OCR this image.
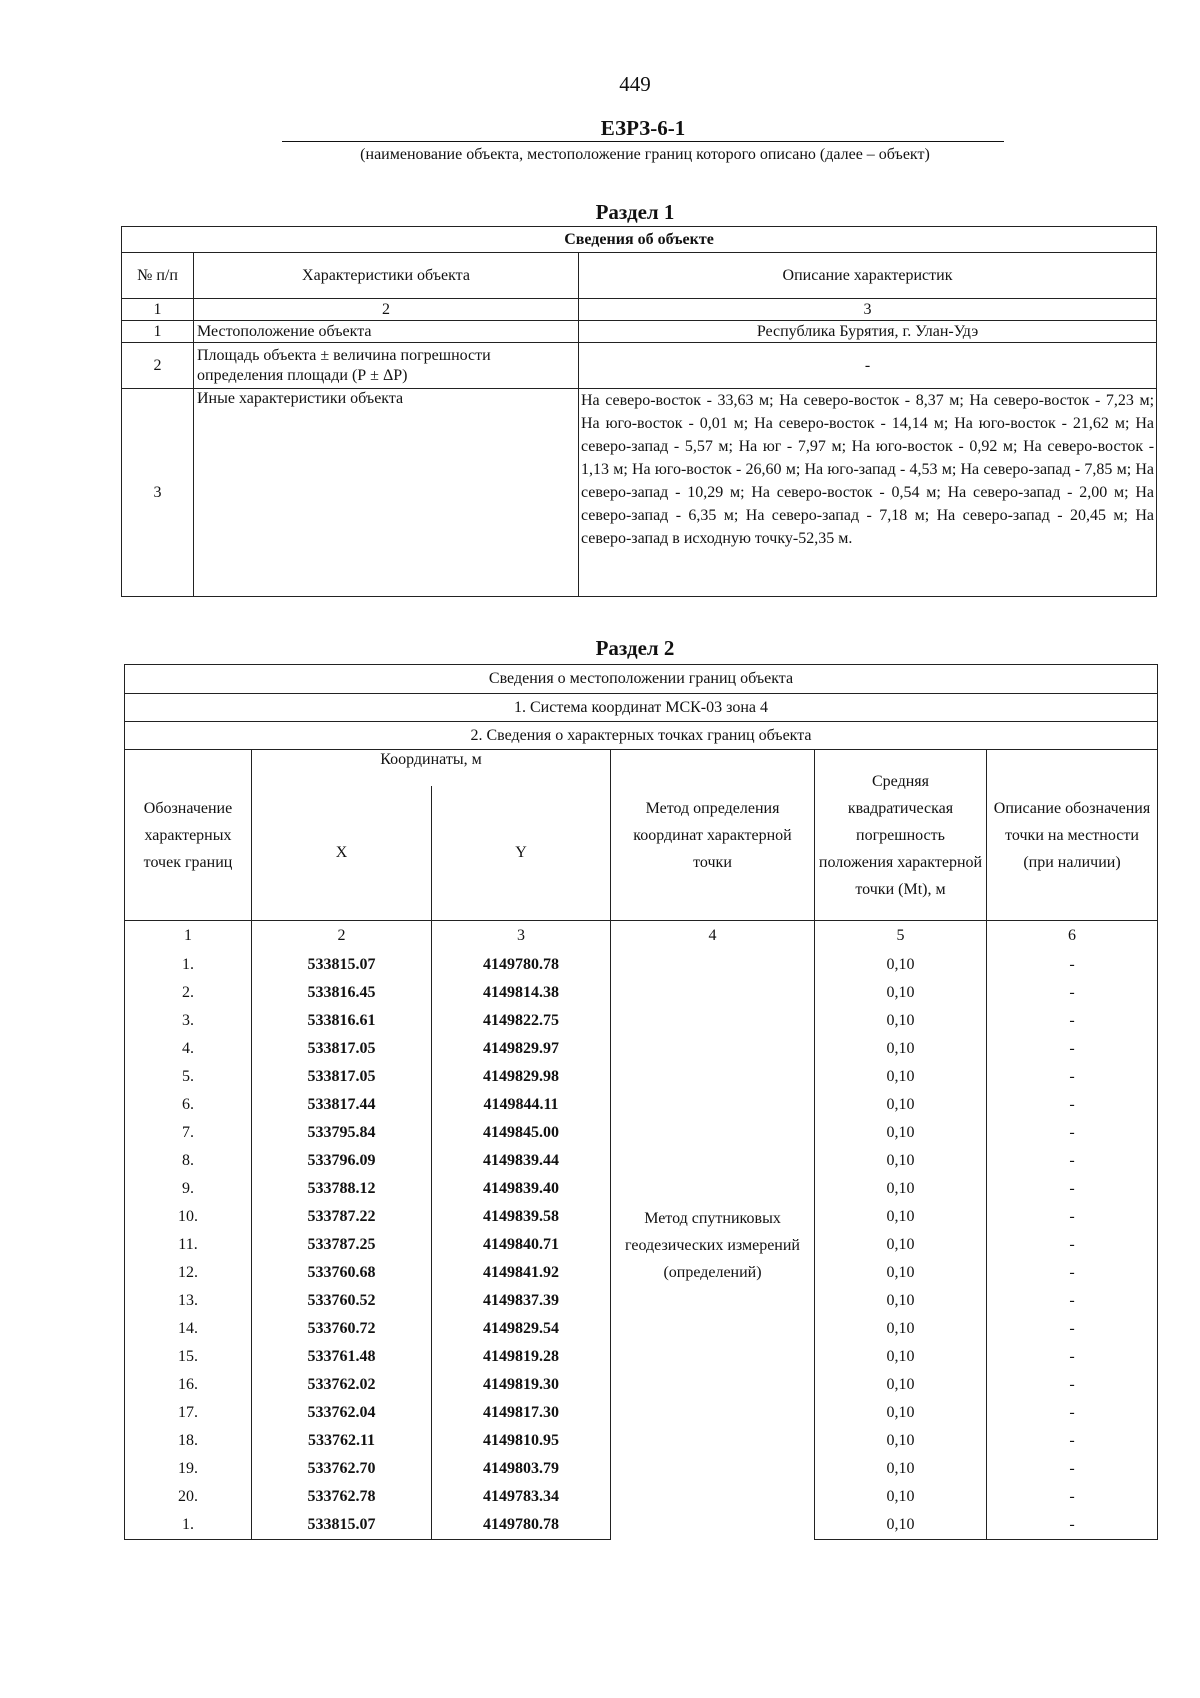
449
ЕЗРЗ-6-1
(наименование объекта, местоположение границ которого описано (далее – объект)
Раздел 1
Сведения об объекте		
№ п/п	Характеристики объекта	Описание характеристик
1	2	3
1	Местоположение объекта	Республика Бурятия, г. Улан-Удэ
2	Площадь объекта ± величина погрешности определения площади (Р ± ΔР)	-
3	Иные характеристики объекта	На северо-восток - 33,63 м; На северо-восток - 8,37 м; На северо-восток - 7,23 м; На юго-восток - 0,01 м; На северо-восток - 14,14 м; На юго-восток - 21,62 м; На северо-запад - 5,57 м; На юг - 7,97 м; На юго-восток - 0,92 м; На северо-восток - 1,13 м; На юго-восток - 26,60 м; На юго-запад - 4,53 м; На северо-запад - 7,85 м; На северо-запад - 10,29 м; На северо-восток - 0,54 м; На северо-запад - 2,00 м; На северо-запад - 6,35 м; На северо-запад - 7,18 м; На северо-запад - 20,45 м; На северо-запад в исходную точку-52,35 м.
Раздел 2
Сведения о местоположении границ объекта					
1. Система координат МСК-03 зона 4					
2. Сведения о характерных точках границ объекта					
Обозначение характерных точек границ	Координаты, м		Метод определения координат характерной точки	Средняя квадратическая погрешность положения характерной точки (Mt), м	Описание обозначения точки на местности (при наличии)
	X	Y			
1	2	3	4	5	6
1.	533815.07	4149780.78	Метод спутниковых геодезических измерений (определений)	0,10	-
2.	533816.45	4149814.38		0,10	-
3.	533816.61	4149822.75		0,10	-
4.	533817.05	4149829.97		0,10	-
5.	533817.05	4149829.98		0,10	-
6.	533817.44	4149844.11		0,10	-
7.	533795.84	4149845.00		0,10	-
8.	533796.09	4149839.44		0,10	-
9.	533788.12	4149839.40		0,10	-
10.	533787.22	4149839.58		0,10	-
11.	533787.25	4149840.71		0,10	-
12.	533760.68	4149841.92		0,10	-
13.	533760.52	4149837.39		0,10	-
14.	533760.72	4149829.54		0,10	-
15.	533761.48	4149819.28		0,10	-
16.	533762.02	4149819.30		0,10	-
17.	533762.04	4149817.30		0,10	-
18.	533762.11	4149810.95		0,10	-
19.	533762.70	4149803.79		0,10	-
20.	533762.78	4149783.34		0,10	-
1.	533815.07	4149780.78		0,10	-
